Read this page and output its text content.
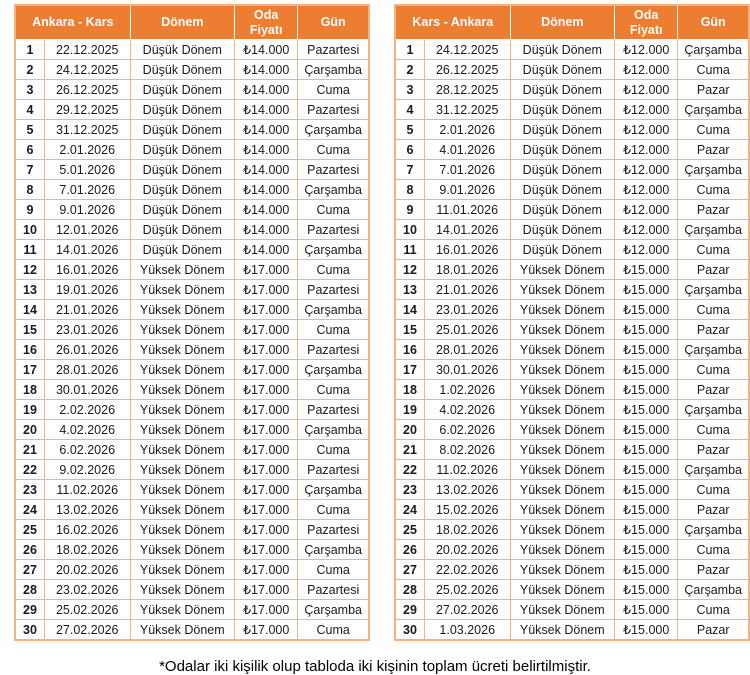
Ankara - Kars		Dönem	Oda Fiyatı	Gün
1	22.12.2025	Düşük Dönem	₺14.000	Pazartesi
2	24.12.2025	Düşük Dönem	₺14.000	Çarşamba
3	26.12.2025	Düşük Dönem	₺14.000	Cuma
4	29.12.2025	Düşük Dönem	₺14.000	Pazartesi
5	31.12.2025	Düşük Dönem	₺14.000	Çarşamba
6	2.01.2026	Düşük Dönem	₺14.000	Cuma
7	5.01.2026	Düşük Dönem	₺14.000	Pazartesi
8	7.01.2026	Düşük Dönem	₺14.000	Çarşamba
9	9.01.2026	Düşük Dönem	₺14.000	Cuma
10	12.01.2026	Düşük Dönem	₺14.000	Pazartesi
11	14.01.2026	Düşük Dönem	₺14.000	Çarşamba
12	16.01.2026	Yüksek Dönem	₺17.000	Cuma
13	19.01.2026	Yüksek Dönem	₺17.000	Pazartesi
14	21.01.2026	Yüksek Dönem	₺17.000	Çarşamba
15	23.01.2026	Yüksek Dönem	₺17.000	Cuma
16	26.01.2026	Yüksek Dönem	₺17.000	Pazartesi
17	28.01.2026	Yüksek Dönem	₺17.000	Çarşamba
18	30.01.2026	Yüksek Dönem	₺17.000	Cuma
19	2.02.2026	Yüksek Dönem	₺17.000	Pazartesi
20	4.02.2026	Yüksek Dönem	₺17.000	Çarşamba
21	6.02.2026	Yüksek Dönem	₺17.000	Cuma
22	9.02.2026	Yüksek Dönem	₺17.000	Pazartesi
23	11.02.2026	Yüksek Dönem	₺17.000	Çarşamba
24	13.02.2026	Yüksek Dönem	₺17.000	Cuma
25	16.02.2026	Yüksek Dönem	₺17.000	Pazartesi
26	18.02.2026	Yüksek Dönem	₺17.000	Çarşamba
27	20.02.2026	Yüksek Dönem	₺17.000	Cuma
28	23.02.2026	Yüksek Dönem	₺17.000	Pazartesi
29	25.02.2026	Yüksek Dönem	₺17.000	Çarşamba
30	27.02.2026	Yüksek Dönem	₺17.000	Cuma
Kars - Ankara		Dönem	Oda Fiyatı	Gün
1	24.12.2025	Düşük Dönem	₺12.000	Çarşamba
2	26.12.2025	Düşük Dönem	₺12.000	Cuma
3	28.12.2025	Düşük Dönem	₺12.000	Pazar
4	31.12.2025	Düşük Dönem	₺12.000	Çarşamba
5	2.01.2026	Düşük Dönem	₺12.000	Cuma
6	4.01.2026	Düşük Dönem	₺12.000	Pazar
7	7.01.2026	Düşük Dönem	₺12.000	Çarşamba
8	9.01.2026	Düşük Dönem	₺12.000	Cuma
9	11.01.2026	Düşük Dönem	₺12.000	Pazar
10	14.01.2026	Düşük Dönem	₺12.000	Çarşamba
11	16.01.2026	Düşük Dönem	₺12.000	Cuma
12	18.01.2026	Yüksek Dönem	₺15.000	Pazar
13	21.01.2026	Yüksek Dönem	₺15.000	Çarşamba
14	23.01.2026	Yüksek Dönem	₺15.000	Cuma
15	25.01.2026	Yüksek Dönem	₺15.000	Pazar
16	28.01.2026	Yüksek Dönem	₺15.000	Çarşamba
17	30.01.2026	Yüksek Dönem	₺15.000	Cuma
18	1.02.2026	Yüksek Dönem	₺15.000	Pazar
19	4.02.2026	Yüksek Dönem	₺15.000	Çarşamba
20	6.02.2026	Yüksek Dönem	₺15.000	Cuma
21	8.02.2026	Yüksek Dönem	₺15.000	Pazar
22	11.02.2026	Yüksek Dönem	₺15.000	Çarşamba
23	13.02.2026	Yüksek Dönem	₺15.000	Cuma
24	15.02.2026	Yüksek Dönem	₺15.000	Pazar
25	18.02.2026	Yüksek Dönem	₺15.000	Çarşamba
26	20.02.2026	Yüksek Dönem	₺15.000	Cuma
27	22.02.2026	Yüksek Dönem	₺15.000	Pazar
28	25.02.2026	Yüksek Dönem	₺15.000	Çarşamba
29	27.02.2026	Yüksek Dönem	₺15.000	Cuma
30	1.03.2026	Yüksek Dönem	₺15.000	Pazar
*Odalar iki kişilik olup tabloda iki kişinin toplam ücreti belirtilmiştir.
